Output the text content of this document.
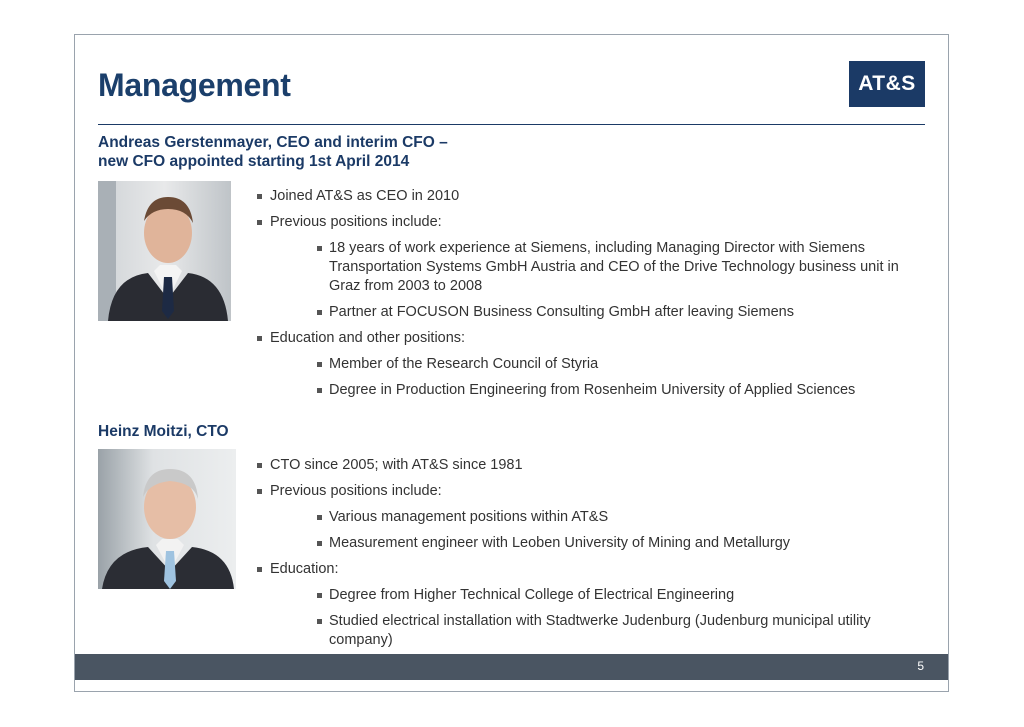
Management	AT&S

Andreas Gerstenmayer, CEO and interim CFO –
new CFO appointed starting 1st April 2014

Joined AT&S as CEO in 2010
Previous positions include:
18 years of work experience at Siemens, including Managing Director with Siemens Transportation Systems GmbH Austria and CEO of the Drive Technology business unit in Graz from 2003 to 2008
Partner at FOCUSON Business Consulting GmbH after leaving Siemens
Education and other positions:
Member of the Research Council of Styria
Degree in Production Engineering from Rosenheim University of Applied Sciences

Heinz Moitzi, CTO

CTO since 2005; with AT&S since 1981
Previous positions include:
Various management positions within AT&S
Measurement engineer with Leoben University of Mining and Metallurgy
Education:
Degree from Higher Technical College of Electrical Engineering
Studied electrical installation with Stadtwerke Judenburg (Judenburg municipal utility company)
5
